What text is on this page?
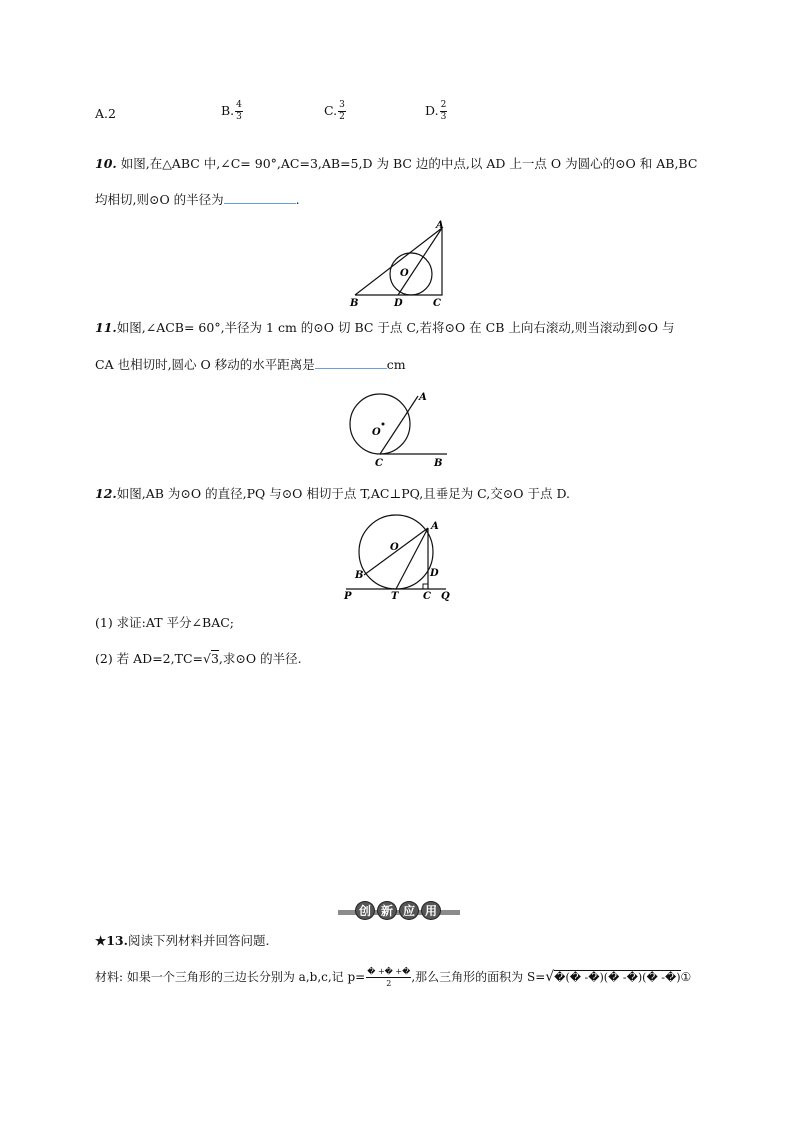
A.2	B. $\frac{4}{3}$	C. $\frac{3}{2}$	D. $\frac{2}{3}$
10. 如图,在△ABC 中,∠C= 90°,AC=3,AB=5,D 为 BC 边的中点,以 AD 上一点 O 为圆心的⊙O 和 AB,BC
均相切,则⊙O 的半径为	.
A
O
B	D	C
11.如图,∠ACB= 60°,半径为 1 cm 的⊙O 切 BC 于点 C,若将⊙O 在 CB 上向右滚动,则当滚动到⊙O 与
CA 也相切时,圆心 O 移动的水平距离是	cm
A
O
C	B
12.如图,AB 为⊙O 的直径,PQ 与⊙O 相切于点 T,AC⊥PQ,且垂足为 C,交⊙O 于点 D.
A
O
B	D
P	T C Q
(1) 求证:AT 平分∠BAC;
(2) 若 AD=2,TC=√3,求⊙O 的半径.
创 新 应 用
★13.阅读下列材料并回答问题.
材料: 如果一个三角形的三边长分别为 a,b,c,记 $p= \frac{� +� +�}{2}$ ,那么三角形的面积为 S=√�(� -�)(� -�)(� -�)①
